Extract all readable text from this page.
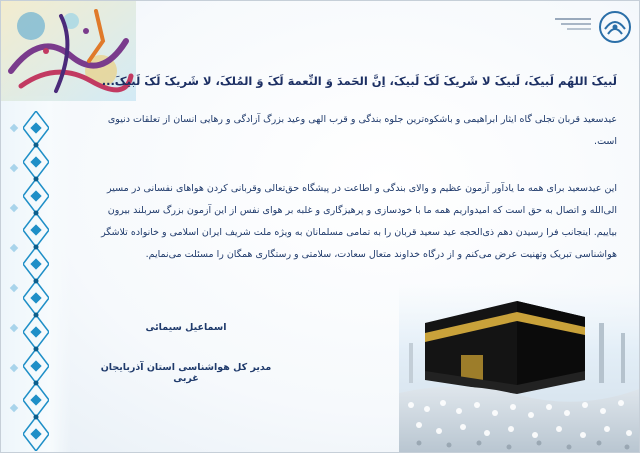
لَبیکَ اللهُم لَبیکَ، لَبیکَ لا شَریکَ لَکَ لَبیکَ، اِنَّ الحَمدَ وَ النِّعمهَ لَکَ وَ المُلکَ، لا شَریکَ لَکَ لَبیکَ...
عیدسعید قربان تجلی گاه ایثار ابراهیمی و باشکوه‌ترین جلوه بندگی و قرب الهی وعید بزرگ آزادگی و رهایی انسان از تعلقات دنیوی است.
این عیدسعید برای همه ما یادآور آزمون عظیم و والای بندگی و اطاعت در پیشگاه حق‌تعالی وقربانی کردن هواهای نفسانی در مسیر الی‌الله و اتصال به حق است که امیدواریم همه ما با خودسازی و پرهیزگاری و غلبه بر هوای نفس از این آزمون بزرگ سربلند بیرون بیاییم. اینجانب فرا رسیدن دهم ذی‌الحجه عید سعید قربان را به تمامی مسلمانان به ویژه ملت شریف ایران اسلامی و خانواده تلاشگر هواشناسی تبریک وتهنیت عرض می‌کنم و از درگاه خداوند متعال سعادت، سلامتی و رستگاری همگان را مسئلت می‌نمایم.
اسماعیل سیمائی
مدیر کل هواشناسی استان آذربایجان غربی
